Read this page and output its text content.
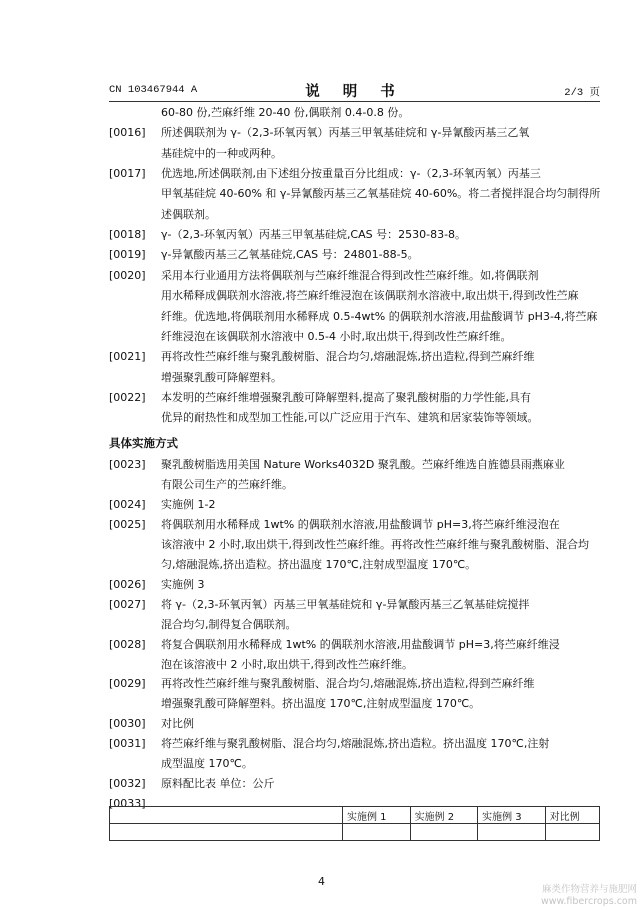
CN 103467944 A	说 明 书	2/3 页
60-80 份,苎麻纤维 20-40 份,偶联剂 0.4-0.8 份。
[0016] 所述偶联剂为 γ-（2,3-环氧丙氧）丙基三甲氧基硅烷和 γ-异氰酸丙基三乙氧
基硅烷中的一种或两种。
[0017] 优选地,所述偶联剂,由下述组分按重量百分比组成：γ-（2,3-环氧丙氧）丙基三
甲氧基硅烷 40-60% 和 γ-异氰酸丙基三乙氧基硅烷 40-60%。将二者搅拌混合均匀制得所
述偶联剂。
[0018] γ-（2,3-环氧丙氧）丙基三甲氧基硅烷,CAS 号：2530-83-8。
[0019] γ-异氰酸丙基三乙氧基硅烷,CAS 号：24801-88-5。
[0020] 采用本行业通用方法将偶联剂与苎麻纤维混合得到改性苎麻纤维。如,将偶联剂
用水稀释成偶联剂水溶液,将苎麻纤维浸泡在该偶联剂水溶液中,取出烘干,得到改性苎麻
纤维。优选地,将偶联剂用水稀释成 0.5-4wt% 的偶联剂水溶液,用盐酸调节 pH3-4,将苎麻
纤维浸泡在该偶联剂水溶液中 0.5-4 小时,取出烘干,得到改性苎麻纤维。
[0021] 再将改性苎麻纤维与聚乳酸树脂、混合均匀,熔融混炼,挤出造粒,得到苎麻纤维
增强聚乳酸可降解塑料。
[0022] 本发明的苎麻纤维增强聚乳酸可降解塑料,提高了聚乳酸树脂的力学性能,具有
优异的耐热性和成型加工性能,可以广泛应用于汽车、建筑和居家装饰等领域。
具体实施方式
[0023] 聚乳酸树脂选用美国 Nature Works4032D 聚乳酸。苎麻纤维选自旌德县雨燕麻业
有限公司生产的苎麻纤维。
[0024] 实施例 1-2
[0025] 将偶联剂用水稀释成 1wt% 的偶联剂水溶液,用盐酸调节 pH=3,将苎麻纤维浸泡在
该溶液中 2 小时,取出烘干,得到改性苎麻纤维。再将改性苎麻纤维与聚乳酸树脂、混合均
匀,熔融混炼,挤出造粒。挤出温度 170℃,注射成型温度 170℃。
[0026] 实施例 3
[0027] 将 γ-（2,3-环氧丙氧）丙基三甲氧基硅烷和 γ-异氰酸丙基三乙氧基硅烷搅拌
混合均匀,制得复合偶联剂。
[0028] 将复合偶联剂用水稀释成 1wt% 的偶联剂水溶液,用盐酸调节 pH=3,将苎麻纤维浸
泡在该溶液中 2 小时,取出烘干,得到改性苎麻纤维。
[0029] 再将改性苎麻纤维与聚乳酸树脂、混合均匀,熔融混炼,挤出造粒,得到苎麻纤维
增强聚乳酸可降解塑料。挤出温度 170℃,注射成型温度 170℃。
[0030] 对比例
[0031] 将苎麻纤维与聚乳酸树脂、混合均匀,熔融混炼,挤出造粒。挤出温度 170℃,注射
成型温度 170℃。
[0032] 原料配比表 单位：公斤
[0033]
	实施例 1	实施例 2	实施例 3	对比例

4
麻类作物营养与施肥网
www.fibercrops.com
